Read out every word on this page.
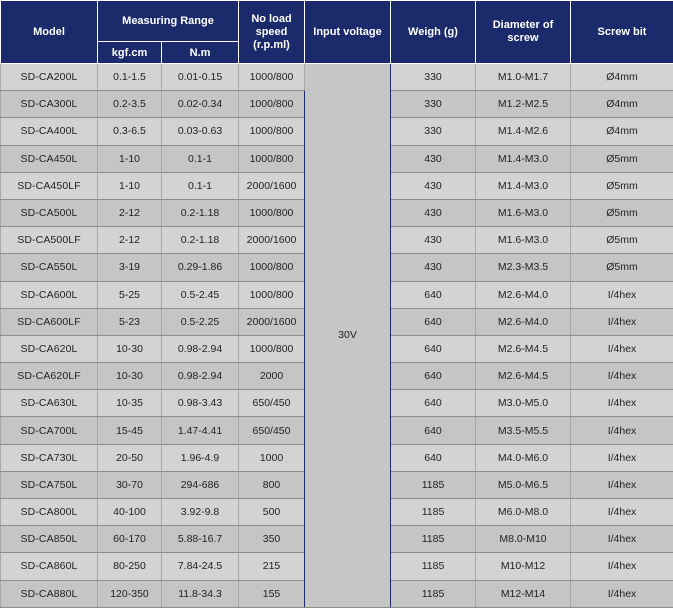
Model	Measuring Range		No load speed (r.p.ml)	Input voltage	Weigh (g)	Diameter of screw	Screw bit
	kgf.cm	N.m					
SD-CA200L	0.1-1.5	0.01-0.15	1000/800	30V	330	M1.0-M1.7	Ø4mm
SD-CA300L	0.2-3.5	0.02-0.34	1000/800		330	M1.2-M2.5	Ø4mm
SD-CA400L	0.3-6.5	0.03-0.63	1000/800		330	M1.4-M2.6	Ø4mm
SD-CA450L	1-10	0.1-1	1000/800		430	M1.4-M3.0	Ø5mm
SD-CA450LF	1-10	0.1-1	2000/1600		430	M1.4-M3.0	Ø5mm
SD-CA500L	2-12	0.2-1.18	1000/800		430	M1.6-M3.0	Ø5mm
SD-CA500LF	2-12	0.2-1.18	2000/1600		430	M1.6-M3.0	Ø5mm
SD-CA550L	3-19	0.29-1.86	1000/800		430	M2.3-M3.5	Ø5mm
SD-CA600L	5-25	0.5-2.45	1000/800		640	M2.6-M4.0	I/4hex
SD-CA600LF	5-23	0.5-2.25	2000/1600		640	M2.6-M4.0	I/4hex
SD-CA620L	10-30	0.98-2.94	1000/800		640	M2.6-M4.5	I/4hex
SD-CA620LF	10-30	0.98-2.94	2000		640	M2.6-M4.5	I/4hex
SD-CA630L	10-35	0.98-3.43	650/450		640	M3.0-M5.0	I/4hex
SD-CA700L	15-45	1.47-4.41	650/450		640	M3.5-M5.5	I/4hex
SD-CA730L	20-50	1.96-4.9	1000		640	M4.0-M6.0	I/4hex
SD-CA750L	30-70	294-686	800		1185	M5.0-M6.5	I/4hex
SD-CA800L	40-100	3.92-9.8	500		1185	M6.0-M8.0	I/4hex
SD-CA850L	60-170	5.88-16.7	350		1185	M8.0-M10	I/4hex
SD-CA860L	80-250	7.84-24.5	215		1185	M10-M12	I/4hex
SD-CA880L	120-350	11.8-34.3	155		1185	M12-M14	I/4hex
